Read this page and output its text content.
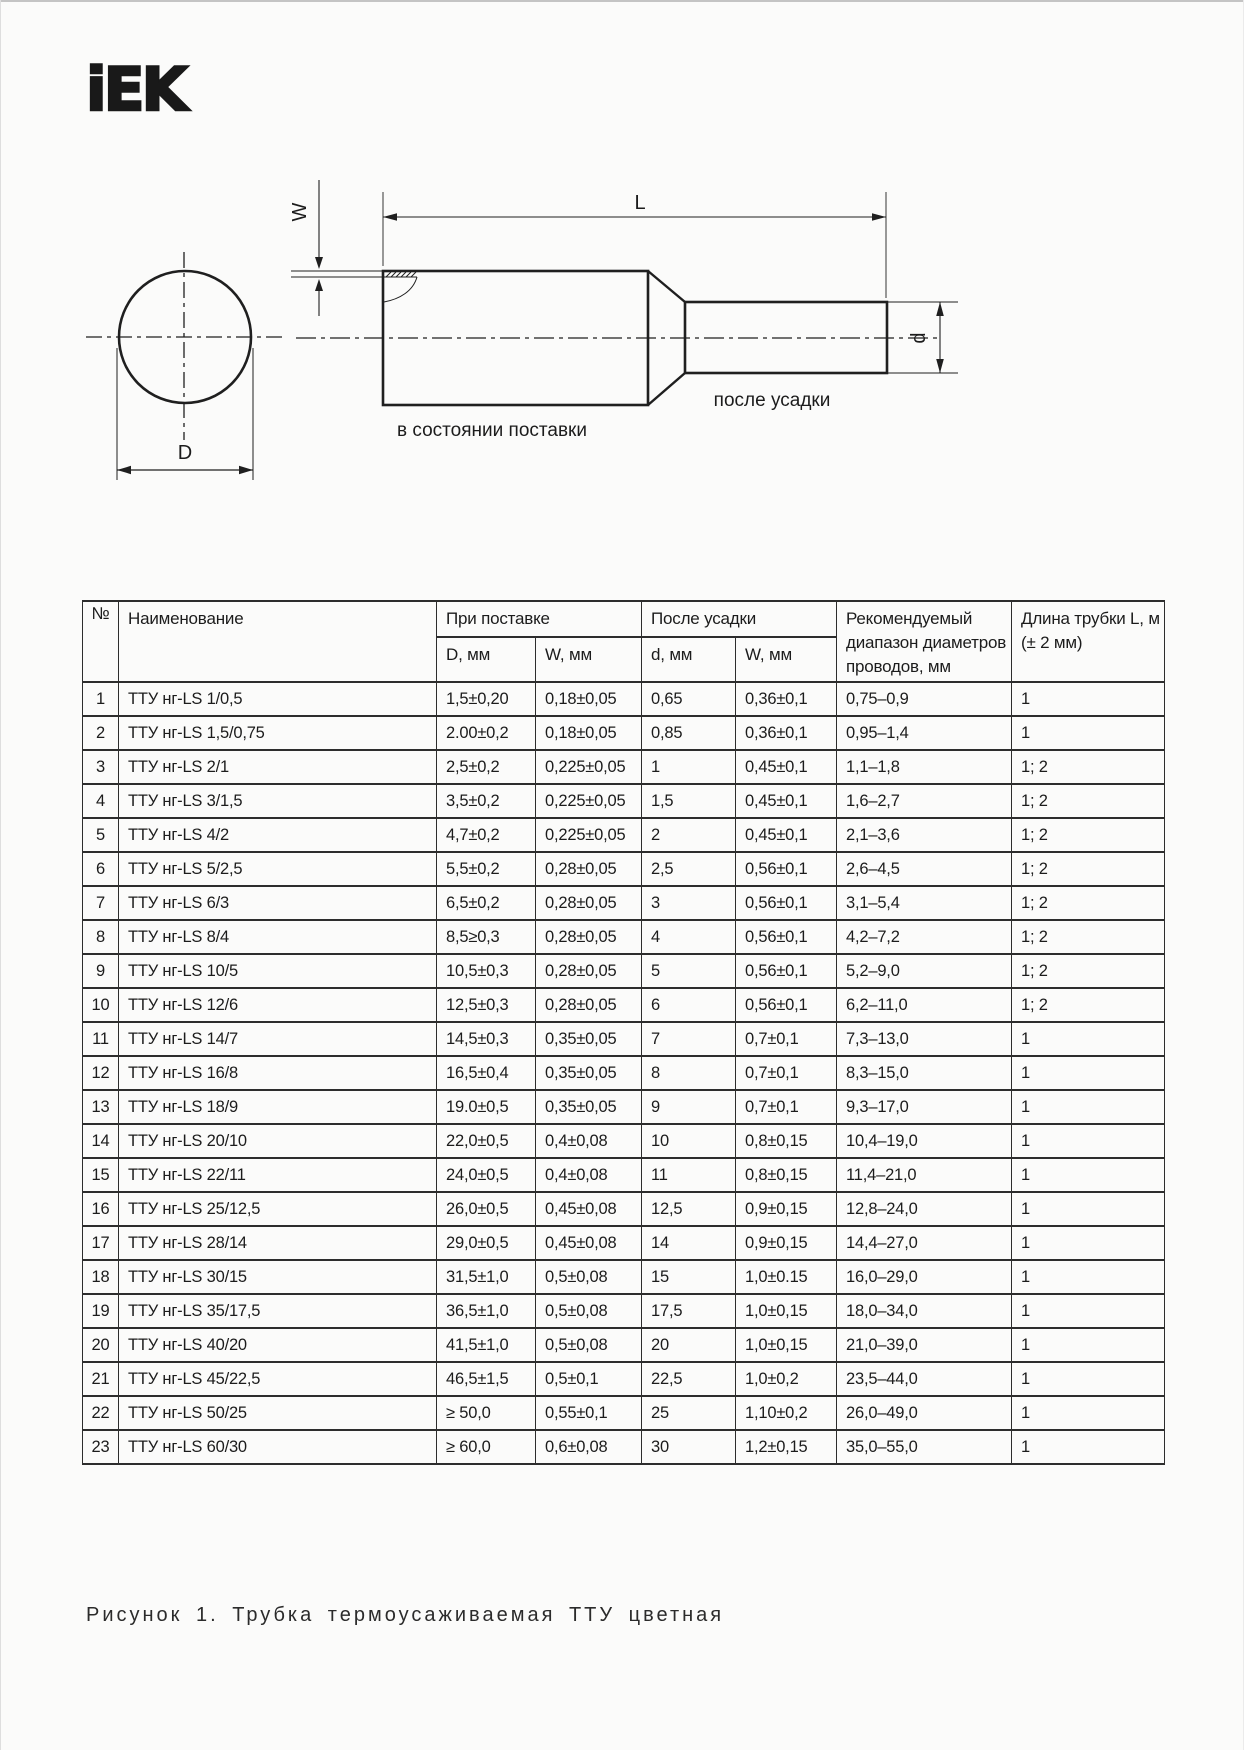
iEK
D
W	L
d
после усадки
в состоянии поставки
№	Наименование	При поставке		После усадки		Рекомендуемый диапазон диаметров проводов, мм	Длина трубки L, м (± 2 мм)
		D, мм	W, мм	d, мм	W, мм		
1	ТТУ нг-LS 1/0,5	1,5±0,20	0,18±0,05	0,65	0,36±0,1	0,75–0,9	1
2	ТТУ нг-LS 1,5/0,75	2.00±0,2	0,18±0,05	0,85	0,36±0,1	0,95–1,4	1
3	ТТУ нг-LS 2/1	2,5±0,2	0,225±0,05	1	0,45±0,1	1,1–1,8	1; 2
4	ТТУ нг-LS 3/1,5	3,5±0,2	0,225±0,05	1,5	0,45±0,1	1,6–2,7	1; 2
5	ТТУ нг-LS 4/2	4,7±0,2	0,225±0,05	2	0,45±0,1	2,1–3,6	1; 2
6	ТТУ нг-LS 5/2,5	5,5±0,2	0,28±0,05	2,5	0,56±0,1	2,6–4,5	1; 2
7	ТТУ нг-LS 6/3	6,5±0,2	0,28±0,05	3	0,56±0,1	3,1–5,4	1; 2
8	ТТУ нг-LS 8/4	8,5≥0,3	0,28±0,05	4	0,56±0,1	4,2–7,2	1; 2
9	ТТУ нг-LS 10/5	10,5±0,3	0,28±0,05	5	0,56±0,1	5,2–9,0	1; 2
10	ТТУ нг-LS 12/6	12,5±0,3	0,28±0,05	6	0,56±0,1	6,2–11,0	1; 2
11	ТТУ нг-LS 14/7	14,5±0,3	0,35±0,05	7	0,7±0,1	7,3–13,0	1
12	ТТУ нг-LS 16/8	16,5±0,4	0,35±0,05	8	0,7±0,1	8,3–15,0	1
13	ТТУ нг-LS 18/9	19.0±0,5	0,35±0,05	9	0,7±0,1	9,3–17,0	1
14	ТТУ нг-LS 20/10	22,0±0,5	0,4±0,08	10	0,8±0,15	10,4–19,0	1
15	ТТУ нг-LS 22/11	24,0±0,5	0,4±0,08	11	0,8±0,15	11,4–21,0	1
16	ТТУ нг-LS 25/12,5	26,0±0,5	0,45±0,08	12,5	0,9±0,15	12,8–24,0	1
17	ТТУ нг-LS 28/14	29,0±0,5	0,45±0,08	14	0,9±0,15	14,4–27,0	1
18	ТТУ нг-LS 30/15	31,5±1,0	0,5±0,08	15	1,0±0.15	16,0–29,0	1
19	ТТУ нг-LS 35/17,5	36,5±1,0	0,5±0,08	17,5	1,0±0,15	18,0–34,0	1
20	ТТУ нг-LS 40/20	41,5±1,0	0,5±0,08	20	1,0±0,15	21,0–39,0	1
21	ТТУ нг-LS 45/22,5	46,5±1,5	0,5±0,1	22,5	1,0±0,2	23,5–44,0	1
22	ТТУ нг-LS 50/25	≥ 50,0	0,55±0,1	25	1,10±0,2	26,0–49,0	1
23	ТТУ нг-LS 60/30	≥ 60,0	0,6±0,08	30	1,2±0,15	35,0–55,0	1
Рисунок 1. Трубка термоусаживаемая ТТУ цветная
